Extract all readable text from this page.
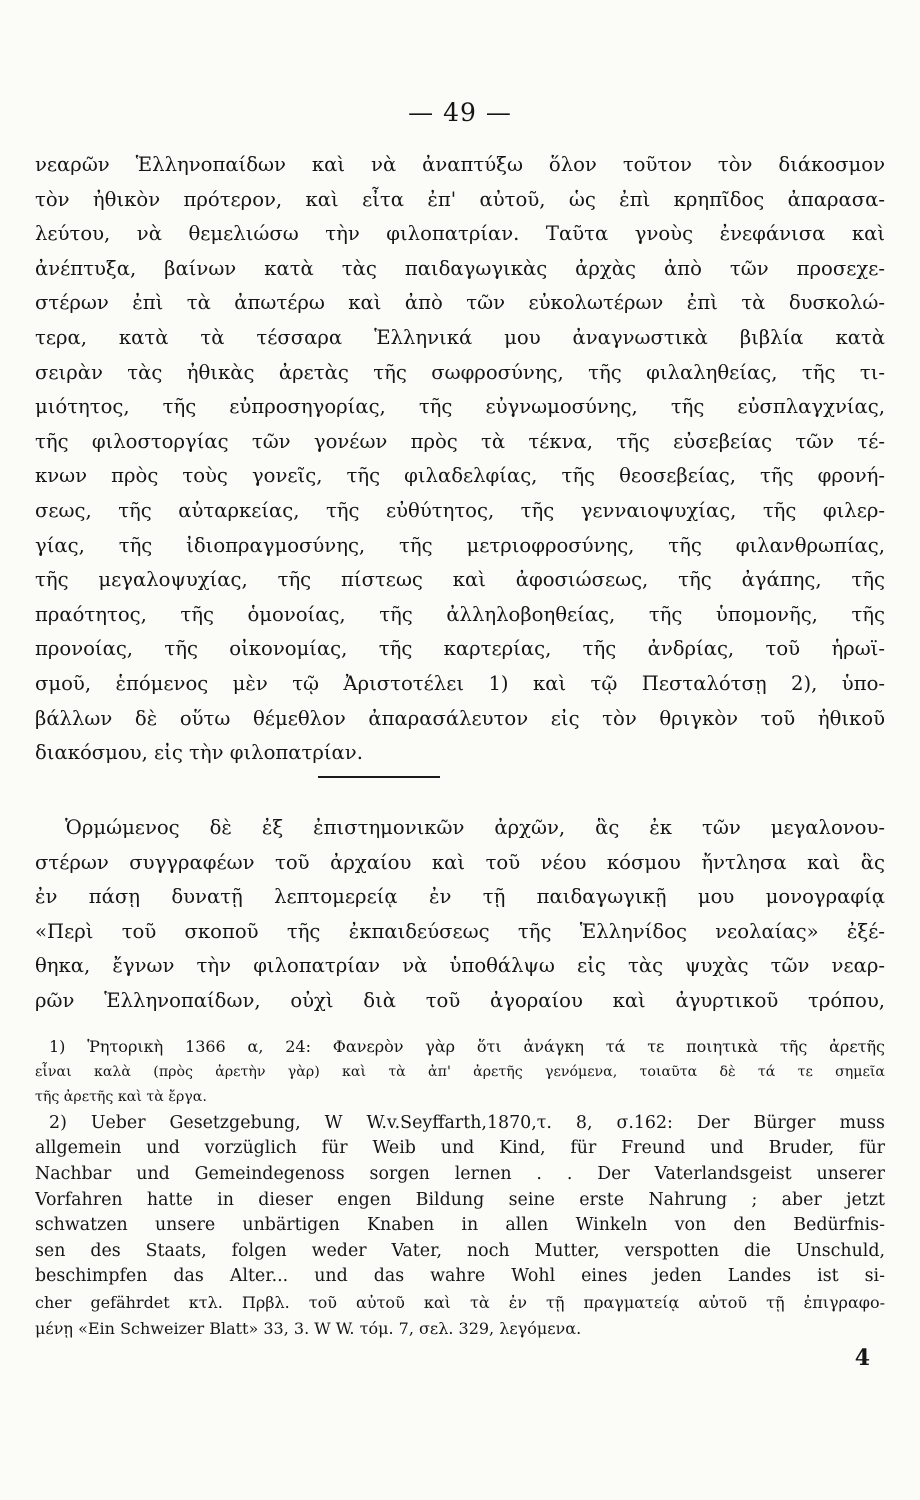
— 49 —
νεαρῶν Ἑλληνοπαίδων καὶ νὰ ἀναπτύξω ὅλον τοῦτον τὸν διάκοσμον
τὸν ἠθικὸν πρότερον, καὶ εἶτα ἐπ' αὐτοῦ, ὡς ἐπὶ κρηπῖδος ἀπαρασα-
λεύτου, νὰ θεμελιώσω τὴν φιλοπατρίαν. Ταῦτα γνοὺς ἐνεφάνισα καὶ
ἀνέπτυξα, βαίνων κατὰ τὰς παιδαγωγικὰς ἀρχὰς ἀπὸ τῶν προσεχε-
στέρων ἐπὶ τὰ ἀπωτέρω καὶ ἀπὸ τῶν εὐκολωτέρων ἐπὶ τὰ δυσκολώ-
τερα, κατὰ τὰ τέσσαρα Ἑλληνικά μου ἀναγνωστικὰ βιβλία κατὰ
σειρὰν τὰς ἠθικὰς ἀρετὰς τῆς σωφροσύνης, τῆς φιλαληθείας, τῆς τι-
μιότητος, τῆς εὐπροσηγορίας, τῆς εὐγνωμοσύνης, τῆς εὐσπλαγχνίας,
τῆς φιλοστοργίας τῶν γονέων πρὸς τὰ τέκνα, τῆς εὐσεβείας τῶν τέ-
κνων πρὸς τοὺς γονεῖς, τῆς φιλαδελφίας, τῆς θεοσεβείας, τῆς φρονή-
σεως, τῆς αὐταρκείας, τῆς εὐθύτητος, τῆς γενναιοψυχίας, τῆς φιλερ-
γίας, τῆς ἰδιοπραγμοσύνης, τῆς μετριοφροσύνης, τῆς φιλανθρωπίας,
τῆς μεγαλοψυχίας, τῆς πίστεως καὶ ἀφοσιώσεως, τῆς ἀγάπης, τῆς
πραότητος, τῆς ὁμονοίας, τῆς ἀλληλοβοηθείας, τῆς ὑπομονῆς, τῆς
προνοίας, τῆς οἰκονομίας, τῆς καρτερίας, τῆς ἀνδρίας, τοῦ ἡρωϊ-
σμοῦ, ἑπόμενος μὲν τῷ Ἀριστοτέλει 1) καὶ τῷ Πεσταλότσῃ 2), ὑπο-
βάλλων δὲ οὕτω θέμεθλον ἀπαρασάλευτον εἰς τὸν θριγκὸν τοῦ ἠθικοῦ
διακόσμου, εἰς τὴν φιλοπατρίαν.
Ὁρμώμενος δὲ ἐξ ἐπιστημονικῶν ἀρχῶν, ἃς ἐκ τῶν μεγαλονου-
στέρων συγγραφέων τοῦ ἀρχαίου καὶ τοῦ νέου κόσμου ἤντλησα καὶ ἃς
ἐν πάσῃ δυνατῇ λεπτομερείᾳ ἐν τῇ παιδαγωγικῇ μου μονογραφίᾳ
«Περὶ τοῦ σκοποῦ τῆς ἐκπαιδεύσεως τῆς Ἑλληνίδος νεολαίας» ἐξέ-
θηκα, ἔγνων τὴν φιλοπατρίαν νὰ ὑποθάλψω εἰς τὰς ψυχὰς τῶν νεαρ-
ρῶν Ἑλληνοπαίδων, οὐχὶ διὰ τοῦ ἀγοραίου καὶ ἀγυρτικοῦ τρόπου,
1) Ῥητορικὴ 1366 α, 24: Φανερὸν γὰρ ὅτι ἀνάγκη τά τε ποιητικὰ τῆς ἀρετῆς
εἶναι καλὰ (πρὸς ἀρετὴν γὰρ) καὶ τὰ ἀπ' ἀρετῆς γενόμενα, τοιαῦτα δὲ τά τε σημεῖα
τῆς ἀρετῆς καὶ τὰ ἔργα.
2) Ueber Gesetzgebung, W W.v.Seyffarth,1870,τ. 8, σ.162: Der Bürger muss
allgemein und vorzüglich für Weib und Kind, für Freund und Bruder, für
Nachbar und Gemeindegenoss sorgen lernen . . Der Vaterlandsgeist unserer
Vorfahren hatte in dieser engen Bildung seine erste Nahrung ; aber jetzt
schwatzen unsere unbärtigen Knaben in allen Winkeln von den Bedürfnis-
sen des Staats, folgen weder Vater, noch Mutter, verspotten die Unschuld,
beschimpfen das Alter... und das wahre Wohl eines jeden Landes ist si-
cher gefährdet κτλ. Πρβλ. τοῦ αὐτοῦ καὶ τὰ ἐν τῇ πραγματείᾳ αὐτοῦ τῇ ἐπιγραφο-
μένῃ «Ein Schweizer Blatt» 33, 3. W W. τόμ. 7, σελ. 329, λεγόμενα.
4
